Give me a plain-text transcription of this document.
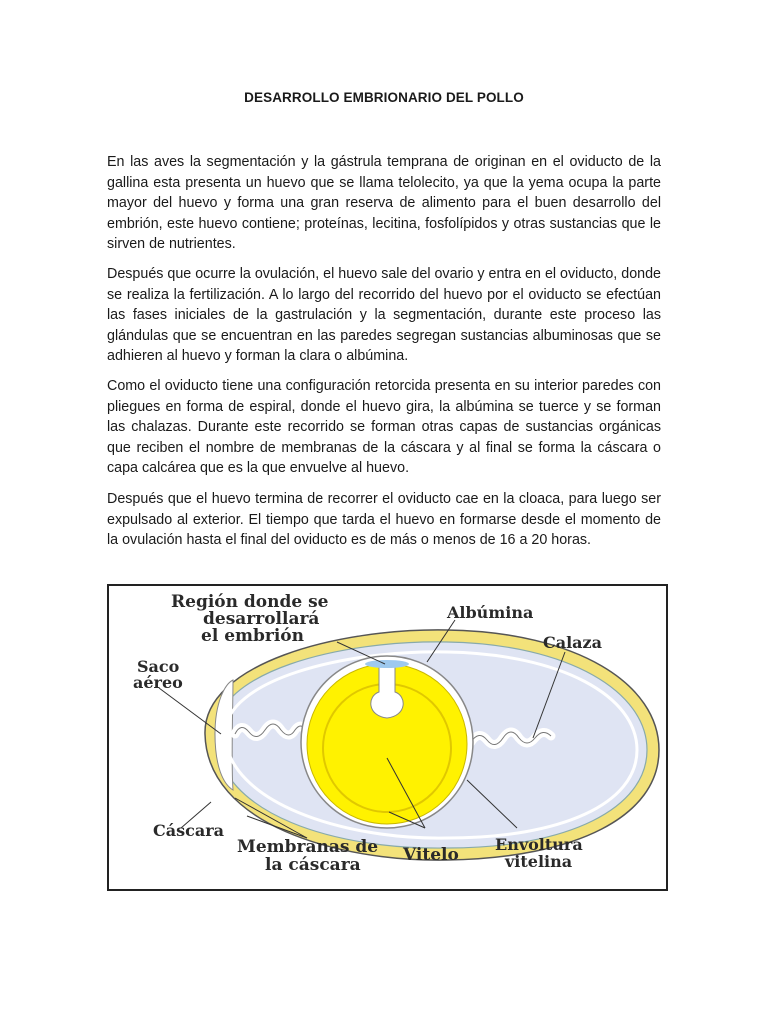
DESARROLLO EMBRIONARIO DEL POLLO

En las aves la segmentación y la gástrula temprana de originan en el oviducto de la gallina esta presenta un huevo que se llama telolecito, ya que la yema ocupa la parte mayor del huevo y forma una gran reserva de alimento para el buen desarrollo del embrión, este huevo contiene; proteínas, lecitina, fosfolípidos y otras sustancias que le sirven de nutrientes.

Después que ocurre la ovulación, el huevo sale del ovario y entra en el oviducto, donde se realiza la fertilización. A lo largo del recorrido del huevo por el oviducto se efectúan las fases iniciales de la gastrulación y la segmentación, durante este proceso las glándulas que se encuentran en las paredes segregan sustancias albuminosas que se adhieren al huevo y forman la clara o albúmina.

Como el oviducto tiene una configuración retorcida presenta en su interior paredes con pliegues en forma de espiral, donde el huevo gira, la albúmina se tuerce y se forman las chalazas. Durante este recorrido se forman otras capas de sustancias orgánicas que reciben el nombre de membranas de la cáscara y al final se forma la cáscara o capa calcárea que es la que envuelve al huevo.

Después que el huevo termina de recorrer el oviducto cae en la cloaca, para luego ser expulsado al exterior. El tiempo que tarda el huevo en formarse desde el momento de la ovulación hasta el final del oviducto es de más o menos de 16 a 20 horas.

Región donde se
desarrollará
el embrión
Albúmina
Calaza
Saco
aéreo
Cáscara
Membranas de
la cáscara Vitelo
Envoltura
vitelina
